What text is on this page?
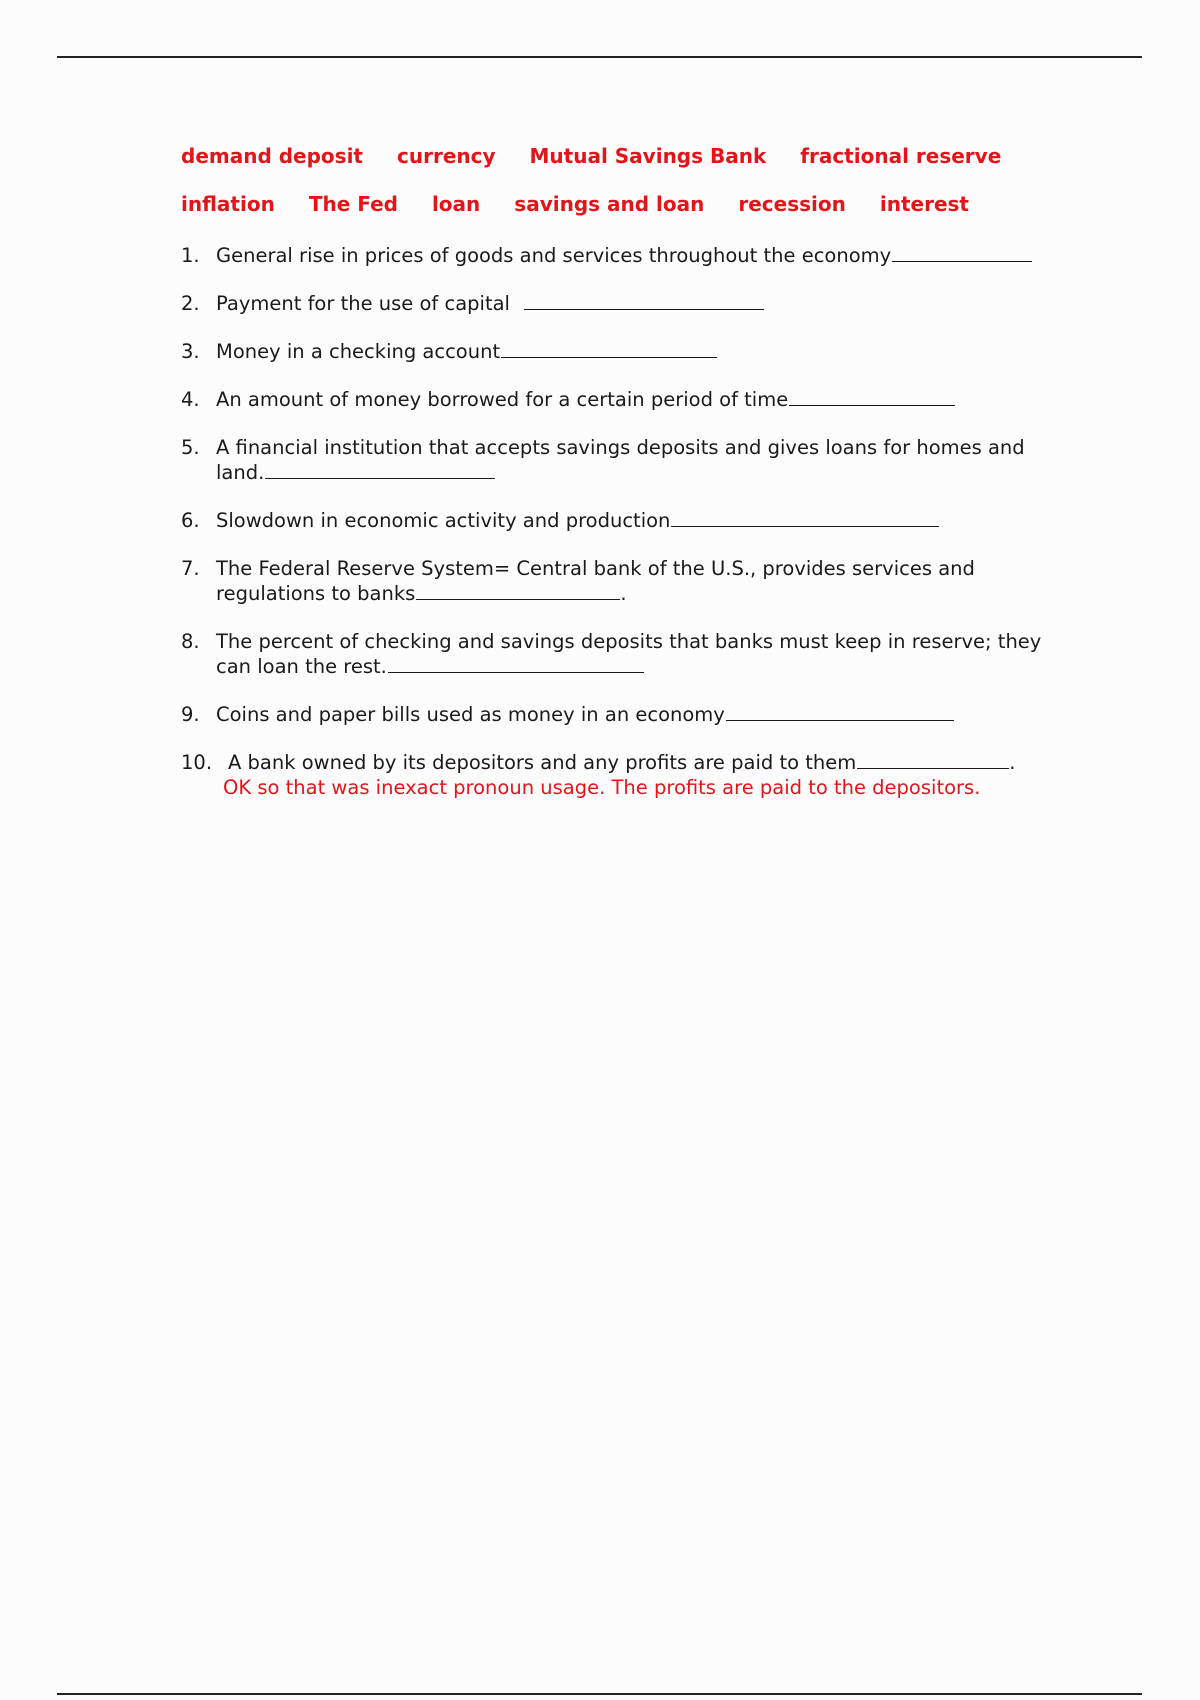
demand deposit currency Mutual Savings Bank fractional reserve
inflation The Fed loan savings and loan recession interest
1. General rise in prices of goods and services throughout the economy
2. Payment for the use of capital
3. Money in a checking account
4. An amount of money borrowed for a certain period of time
5. A financial institution that accepts savings deposits and gives loans for homes and land.
6. Slowdown in economic activity and production
7. The Federal Reserve System= Central bank of the U.S., provides services and regulations to banks	.
8. The percent of checking and savings deposits that banks must keep in reserve; they can loan the rest.
9. Coins and paper bills used as money in an economy
10. A bank owned by its depositors and any profits are paid to them	.
OK so that was inexact pronoun usage. The profits are paid to the depositors.
